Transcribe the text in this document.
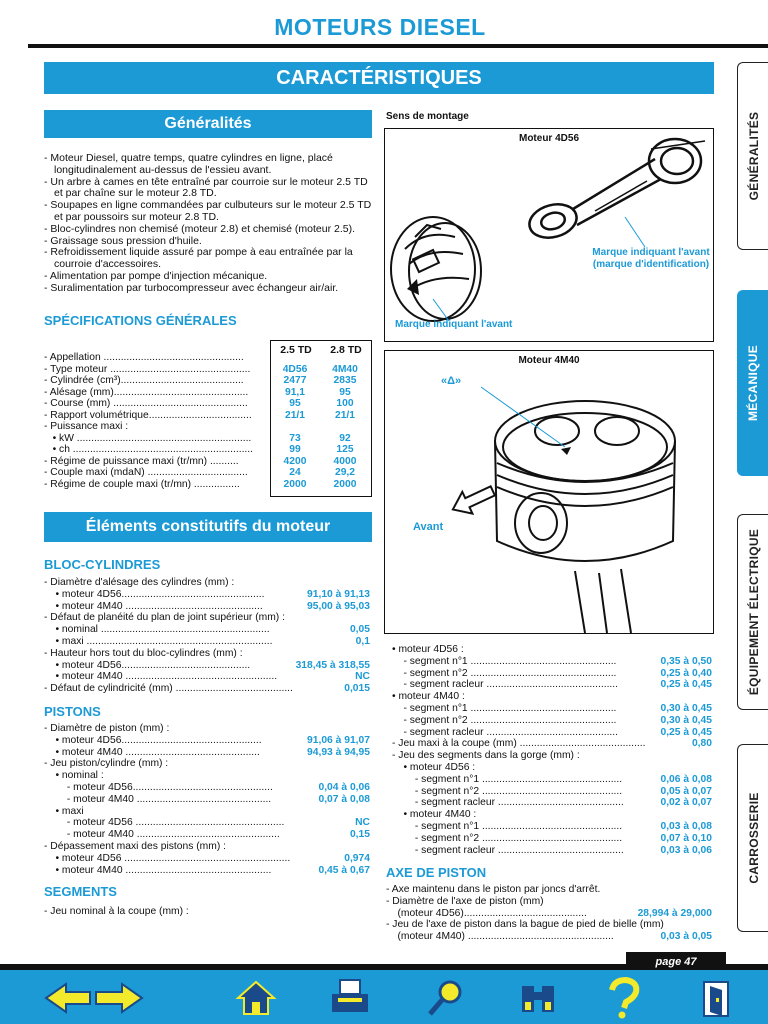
MOTEURS DIESEL
CARACTÉRISTIQUES
Généralités

- Moteur Diesel, quatre temps, quatre cylindres en ligne, placé longitudinalement au-dessus de l'essieu avant.

- Un arbre à cames en tête entraîné par courroie sur le moteur 2.5 TD et par chaîne sur le moteur 2.8 TD.

- Soupapes en ligne commandées par culbuteurs sur le moteur 2.5 TD et par poussoirs sur moteur 2.8 TD.

- Bloc-cylindres non chemisé (moteur 2.8) et chemisé (moteur 2.5).

- Graissage sous pression d'huile.

- Refroidissement liquide assuré par pompe à eau entraînée par la courroie d'accessoires.

- Alimentation par pompe d'injection mécanique.

- Suralimentation par turbocompresseur avec échangeur air/air.

SPÉCIFICATIONS GÉNÉRALES
2.5 TD	2.8 TD
- Appellation .................................................
- Type moteur .................................................	4D56	4M40
- Cylindrée (cm³)...........................................	2477	2835
- Alésage (mm)...............................................	91,1	95
- Course (mm) ...............................................	95	100
- Rapport volumétrique....................................	21/1	21/1
- Puissance maxi :
• kW .............................................................	73	92
• ch ...............................................................	99	125
- Régime de puissance maxi (tr/mn) ..........	4200	4000
- Couple maxi (mdaN) ...................................	24	29,2
- Régime de couple maxi (tr/mn) ................	2000	2000
Éléments constitutifs du moteur
BLOC-CYLINDRES
- Diamètre d'alésage des cylindres (mm) :
• moteur 4D56..................................................	91,10 à 91,13
• moteur 4M40 ................................................	95,00 à 95,03
- Défaut de planéité du plan de joint supérieur (mm) :
• nominal ...........................................................	0,05
• maxi .................................................................	0,1
- Hauteur hors tout du bloc-cylindres (mm) :
• moteur 4D56.............................................	318,45 à 318,55
• moteur 4M40 .....................................................	NC
- Défaut de cylindricité (mm) .........................................	0,015
PISTONS
- Diamètre de piston (mm) :
• moteur 4D56.................................................	91,06 à 91,07
• moteur 4M40 ...............................................	94,93 à 94,95
- Jeu piston/cylindre (mm) :
• nominal :
- moteur 4D56.................................................	0,04 à 0,06
- moteur 4M40 ...............................................	0,07 à 0,08
• maxi
- moteur 4D56 ....................................................	NC
- moteur 4M40 ..................................................	0,15
- Dépassement maxi des pistons (mm) :
• moteur 4D56 ..........................................................	0,974
• moteur 4M40 ...................................................	0,45 à 0,67
SEGMENTS
- Jeu nominal à la coupe (mm) :
Sens de montage
Moteur 4D56
Marque indiquant l'avant (marque d'identification)
Marque indiquant l'avant
Moteur 4M40
«Δ»
Avant
• moteur 4D56 :
- segment n°1 ...................................................	0,35 à 0,50
- segment n°2 ...................................................	0,25 à 0,40
- segment racleur ..............................................	0,25 à 0,45
• moteur 4M40 :
- segment n°1 ...................................................	0,30 à 0,45
- segment n°2 ...................................................	0,30 à 0,45
- segment racleur ..............................................	0,25 à 0,45
- Jeu maxi à la coupe (mm) ............................................	0,80
- Jeu des segments dans la gorge (mm) :
• moteur 4D56 :
- segment n°1 .................................................	0,06 à 0,08
- segment n°2 .................................................	0,05 à 0,07
- segment racleur ............................................	0,02 à 0,07
• moteur 4M40 :
- segment n°1 .................................................	0,03 à 0,08
- segment n°2 .................................................	0,07 à 0,10
- segment racleur ............................................	0,03 à 0,06
AXE DE PISTON
- Axe maintenu dans le piston par joncs d'arrêt.
- Diamètre de l'axe de piston (mm)
(moteur 4D56)...........................................	28,994 à 29,000
- Jeu de l'axe de piston dans la bague de pied de bielle (mm)
(moteur 4M40) ...................................................	0,03 à 0,05
GÉNÉRALITÉS
MÉCANIQUE
ÉQUIPEMENT ÉLECTRIQUE
CARROSSERIE
page 47
